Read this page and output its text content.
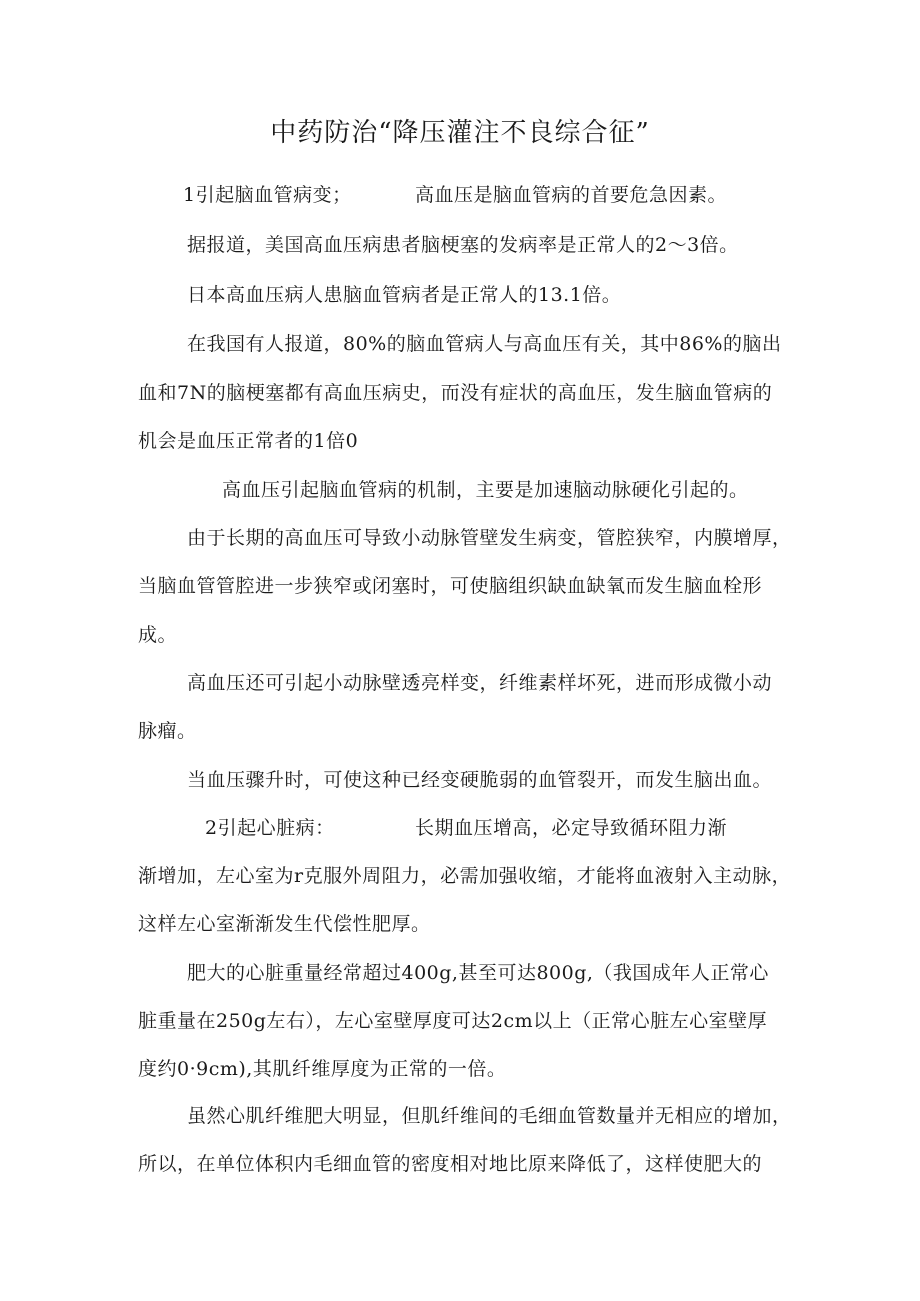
中药防治“降压灌注不良综合征”
1引起脑血管病变；	高血压是脑血管病的首要危急因素。
据报道，美国高血压病患者脑梗塞的发病率是正常人的2～3倍。
日本高血压病人患脑血管病者是正常人的13.1倍。
在我国有人报道，80%的脑血管病人与高血压有关，其中86%的脑出
血和7N的脑梗塞都有高血压病史，而没有症状的高血压，发生脑血管病的
机会是血压正常者的1倍0
高血压引起脑血管病的机制，主要是加速脑动脉硬化引起的。
由于长期的高血压可导致小动脉管壁发生病变，管腔狭窄，内膜增厚，
当脑血管管腔进一步狭窄或闭塞时，可使脑组织缺血缺氧而发生脑血栓形
成。
高血压还可引起小动脉壁透亮样变，纤维素样坏死，进而形成微小动
脉瘤。
当血压骤升时，可使这种已经变硬脆弱的血管裂开，而发生脑出血。
2引起心脏病：	长期血压增高，必定导致循环阻力渐
渐增加，左心室为r克服外周阻力，必需加强收缩，才能将血液射入主动脉，
这样左心室渐渐发生代偿性肥厚。
肥大的心脏重量经常超过400g,甚至可达800g,（我国成年人正常心
脏重量在250g左右），左心室壁厚度可达2cm以上（正常心脏左心室壁厚
度约0·9cm),其肌纤维厚度为正常的一倍。
虽然心肌纤维肥大明显，但肌纤维间的毛细血管数量并无相应的增加，
所以，在单位体积内毛细血管的密度相对地比原来降低了，这样使肥大的
